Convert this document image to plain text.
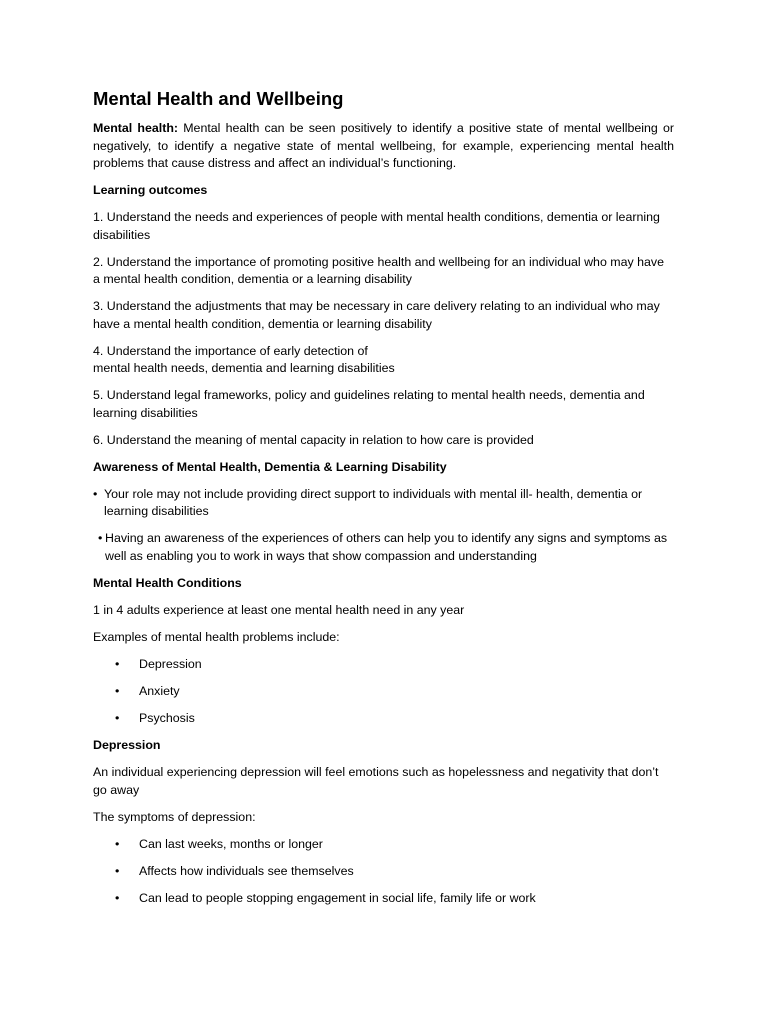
Mental Health and Wellbeing

Mental health: Mental health can be seen positively to identify a positive state of mental wellbeing or negatively, to identify a negative state of mental wellbeing, for example, experiencing mental health problems that cause distress and affect an individual’s functioning.

Learning outcomes

1. Understand the needs and experiences of people with mental health conditions, dementia or learning disabilities

2. Understand the importance of promoting positive health and wellbeing for an individual who may have a mental health condition, dementia or a learning disability

3. Understand the adjustments that may be necessary in care delivery relating to an individual who may have a mental health condition, dementia or learning disability

4. Understand the importance of early detection of
mental health needs, dementia and learning disabilities

5. Understand legal frameworks, policy and guidelines relating to mental health needs, dementia and learning disabilities

6. Understand the meaning of mental capacity in relation to how care is provided

Awareness of Mental Health, Dementia & Learning Disability

• Your role may not include providing direct support to individuals with mental ill- health, dementia or learning disabilities
• Having an awareness of the experiences of others can help you to identify any signs and symptoms as well as enabling you to work in ways that show compassion and understanding

Mental Health Conditions

1 in 4 adults experience at least one mental health need in any year

Examples of mental health problems include:

•	Depression
•	Anxiety
•	Psychosis

Depression

An individual experiencing depression will feel emotions such as hopelessness and negativity that don’t go away

The symptoms of depression:

•	Can last weeks, months or longer
•	Affects how individuals see themselves
•	Can lead to people stopping engagement in social life, family life or work
